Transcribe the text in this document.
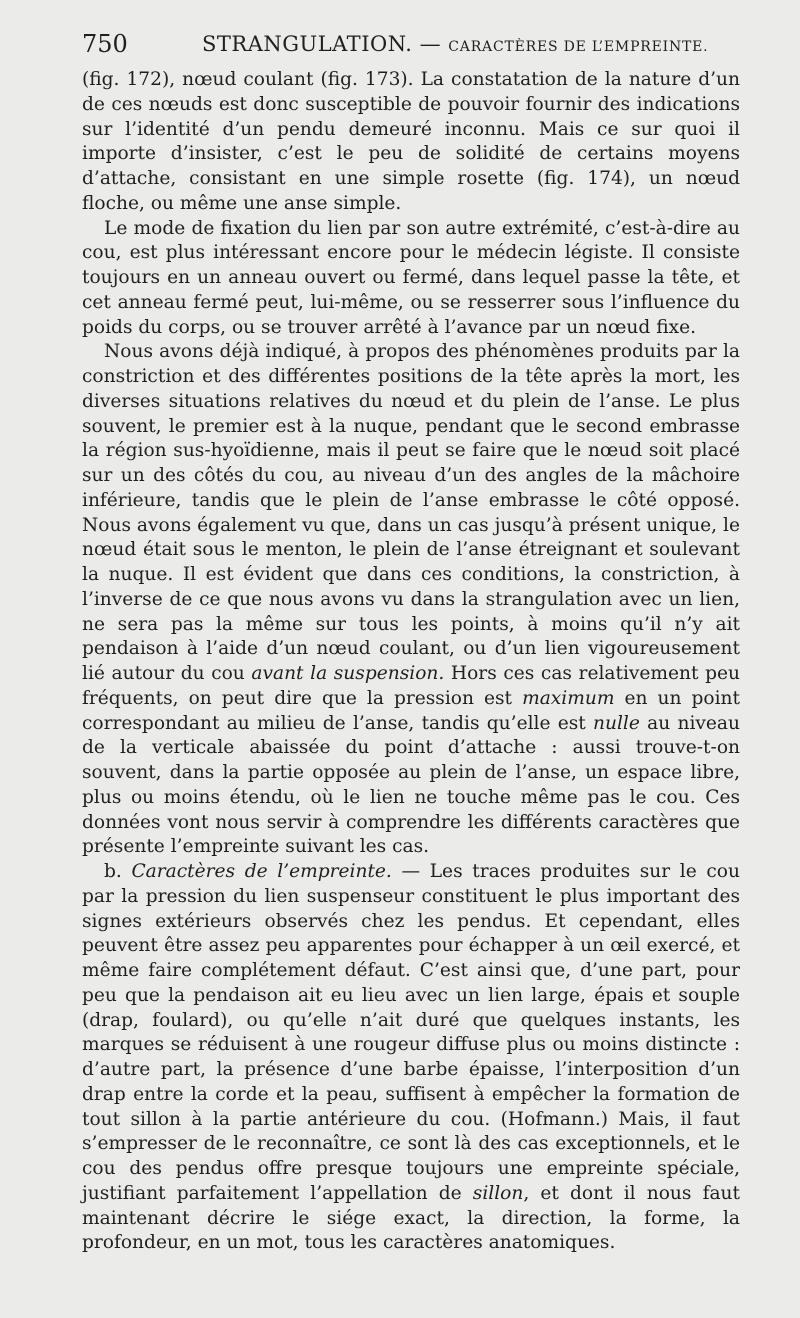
750	STRANGULATION. — CARACTÈRES DE L’EMPREINTE.

(fig. 172), nœud coulant (fig. 173). La constatation de la nature d’un de ces nœuds est donc susceptible de pouvoir fournir des indications sur l’identité d’un pendu demeuré inconnu. Mais ce sur quoi il importe d’insister, c’est le peu de solidité de certains moyens d’attache, consistant en une simple rosette (fig. 174), un nœud floche, ou même une anse simple.

Le mode de fixation du lien par son autre extrémité, c’est-à-dire au cou, est plus intéressant encore pour le médecin légiste. Il consiste toujours en un anneau ouvert ou fermé, dans lequel passe la tête, et cet anneau fermé peut, lui-même, ou se resserrer sous l’influence du poids du corps, ou se trouver arrêté à l’avance par un nœud fixe.

Nous avons déjà indiqué, à propos des phénomènes produits par la constriction et des différentes positions de la tête après la mort, les diverses situations relatives du nœud et du plein de l’anse. Le plus souvent, le premier est à la nuque, pendant que le second embrasse la région sus-hyoïdienne, mais il peut se faire que le nœud soit placé sur un des côtés du cou, au niveau d’un des angles de la mâchoire inférieure, tandis que le plein de l’anse embrasse le côté opposé. Nous avons également vu que, dans un cas jusqu’à présent unique, le nœud était sous le menton, le plein de l’anse étreignant et soulevant la nuque. Il est évident que dans ces conditions, la constriction, à l’inverse de ce que nous avons vu dans la strangulation avec un lien, ne sera pas la même sur tous les points, à moins qu’il n’y ait pendaison à l’aide d’un nœud coulant, ou d’un lien vigoureusement lié autour du cou avant la suspension. Hors ces cas relativement peu fréquents, on peut dire que la pression est maximum en un point correspondant au milieu de l’anse, tandis qu’elle est nulle au niveau de la verticale abaissée du point d’attache : aussi trouve-t-on souvent, dans la partie opposée au plein de l’anse, un espace libre, plus ou moins étendu, où le lien ne touche même pas le cou. Ces données vont nous servir à comprendre les différents caractères que présente l’empreinte suivant les cas.

b. Caractères de l’empreinte. — Les traces produites sur le cou par la pression du lien suspenseur constituent le plus important des signes extérieurs observés chez les pendus. Et cependant, elles peuvent être assez peu apparentes pour échapper à un œil exercé, et même faire complétement défaut. C’est ainsi que, d’une part, pour peu que la pendaison ait eu lieu avec un lien large, épais et souple (drap, foulard), ou qu’elle n’ait duré que quelques instants, les marques se réduisent à une rougeur diffuse plus ou moins distincte : d’autre part, la présence d’une barbe épaisse, l’interposition d’un drap entre la corde et la peau, suffisent à empêcher la formation de tout sillon à la partie antérieure du cou. (Hofmann.) Mais, il faut s’empresser de le reconnaître, ce sont là des cas exceptionnels, et le cou des pendus offre presque toujours une empreinte spéciale, justifiant parfaitement l’appellation de sillon, et dont il nous faut maintenant décrire le siége exact, la direction, la forme, la profondeur, en un mot, tous les caractères anatomiques.
